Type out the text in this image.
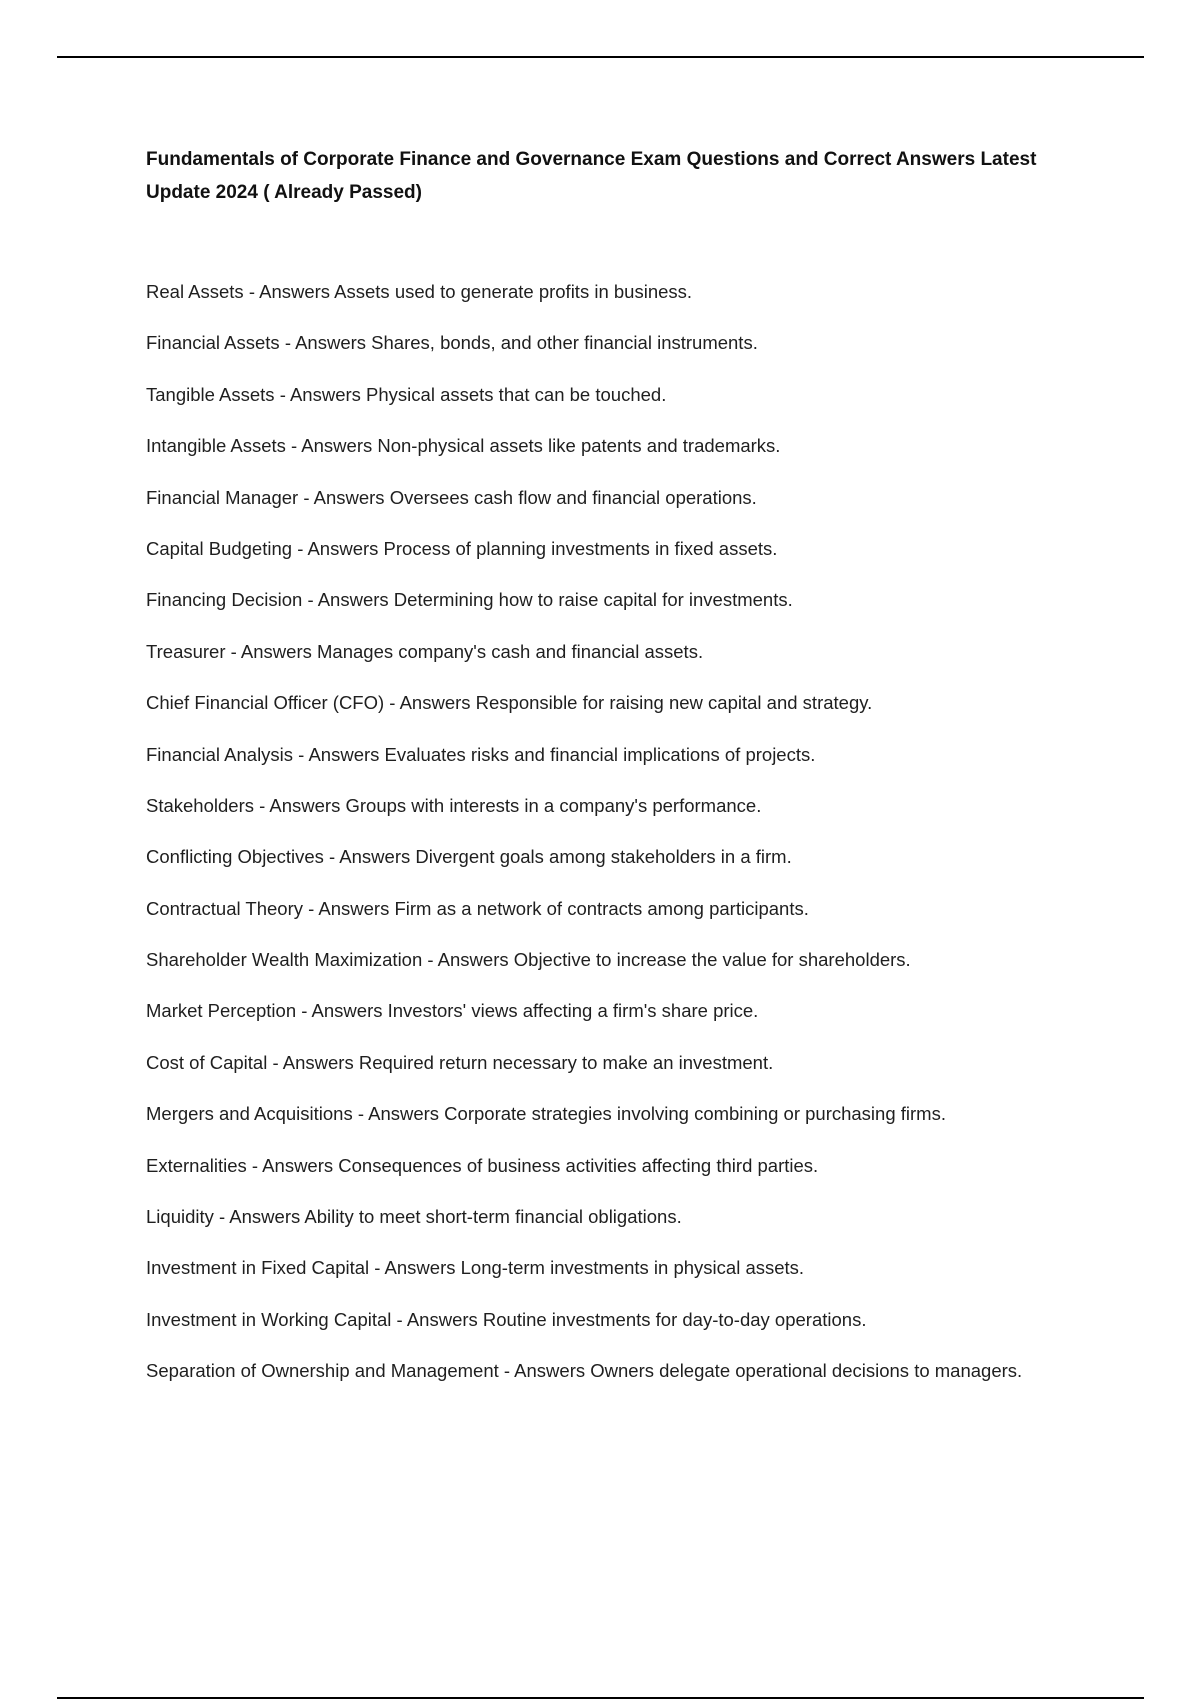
Fundamentals of Corporate Finance and Governance Exam Questions and Correct Answers Latest Update 2024 ( Already Passed)
Real Assets - Answers Assets used to generate profits in business.
Financial Assets - Answers Shares, bonds, and other financial instruments.
Tangible Assets - Answers Physical assets that can be touched.
Intangible Assets - Answers Non-physical assets like patents and trademarks.
Financial Manager - Answers Oversees cash flow and financial operations.
Capital Budgeting - Answers Process of planning investments in fixed assets.
Financing Decision - Answers Determining how to raise capital for investments.
Treasurer - Answers Manages company's cash and financial assets.
Chief Financial Officer (CFO) - Answers Responsible for raising new capital and strategy.
Financial Analysis - Answers Evaluates risks and financial implications of projects.
Stakeholders - Answers Groups with interests in a company's performance.
Conflicting Objectives - Answers Divergent goals among stakeholders in a firm.
Contractual Theory - Answers Firm as a network of contracts among participants.
Shareholder Wealth Maximization - Answers Objective to increase the value for shareholders.
Market Perception - Answers Investors' views affecting a firm's share price.
Cost of Capital - Answers Required return necessary to make an investment.
Mergers and Acquisitions - Answers Corporate strategies involving combining or purchasing firms.
Externalities - Answers Consequences of business activities affecting third parties.
Liquidity - Answers Ability to meet short-term financial obligations.
Investment in Fixed Capital - Answers Long-term investments in physical assets.
Investment in Working Capital - Answers Routine investments for day-to-day operations.
Separation of Ownership and Management - Answers Owners delegate operational decisions to managers.
